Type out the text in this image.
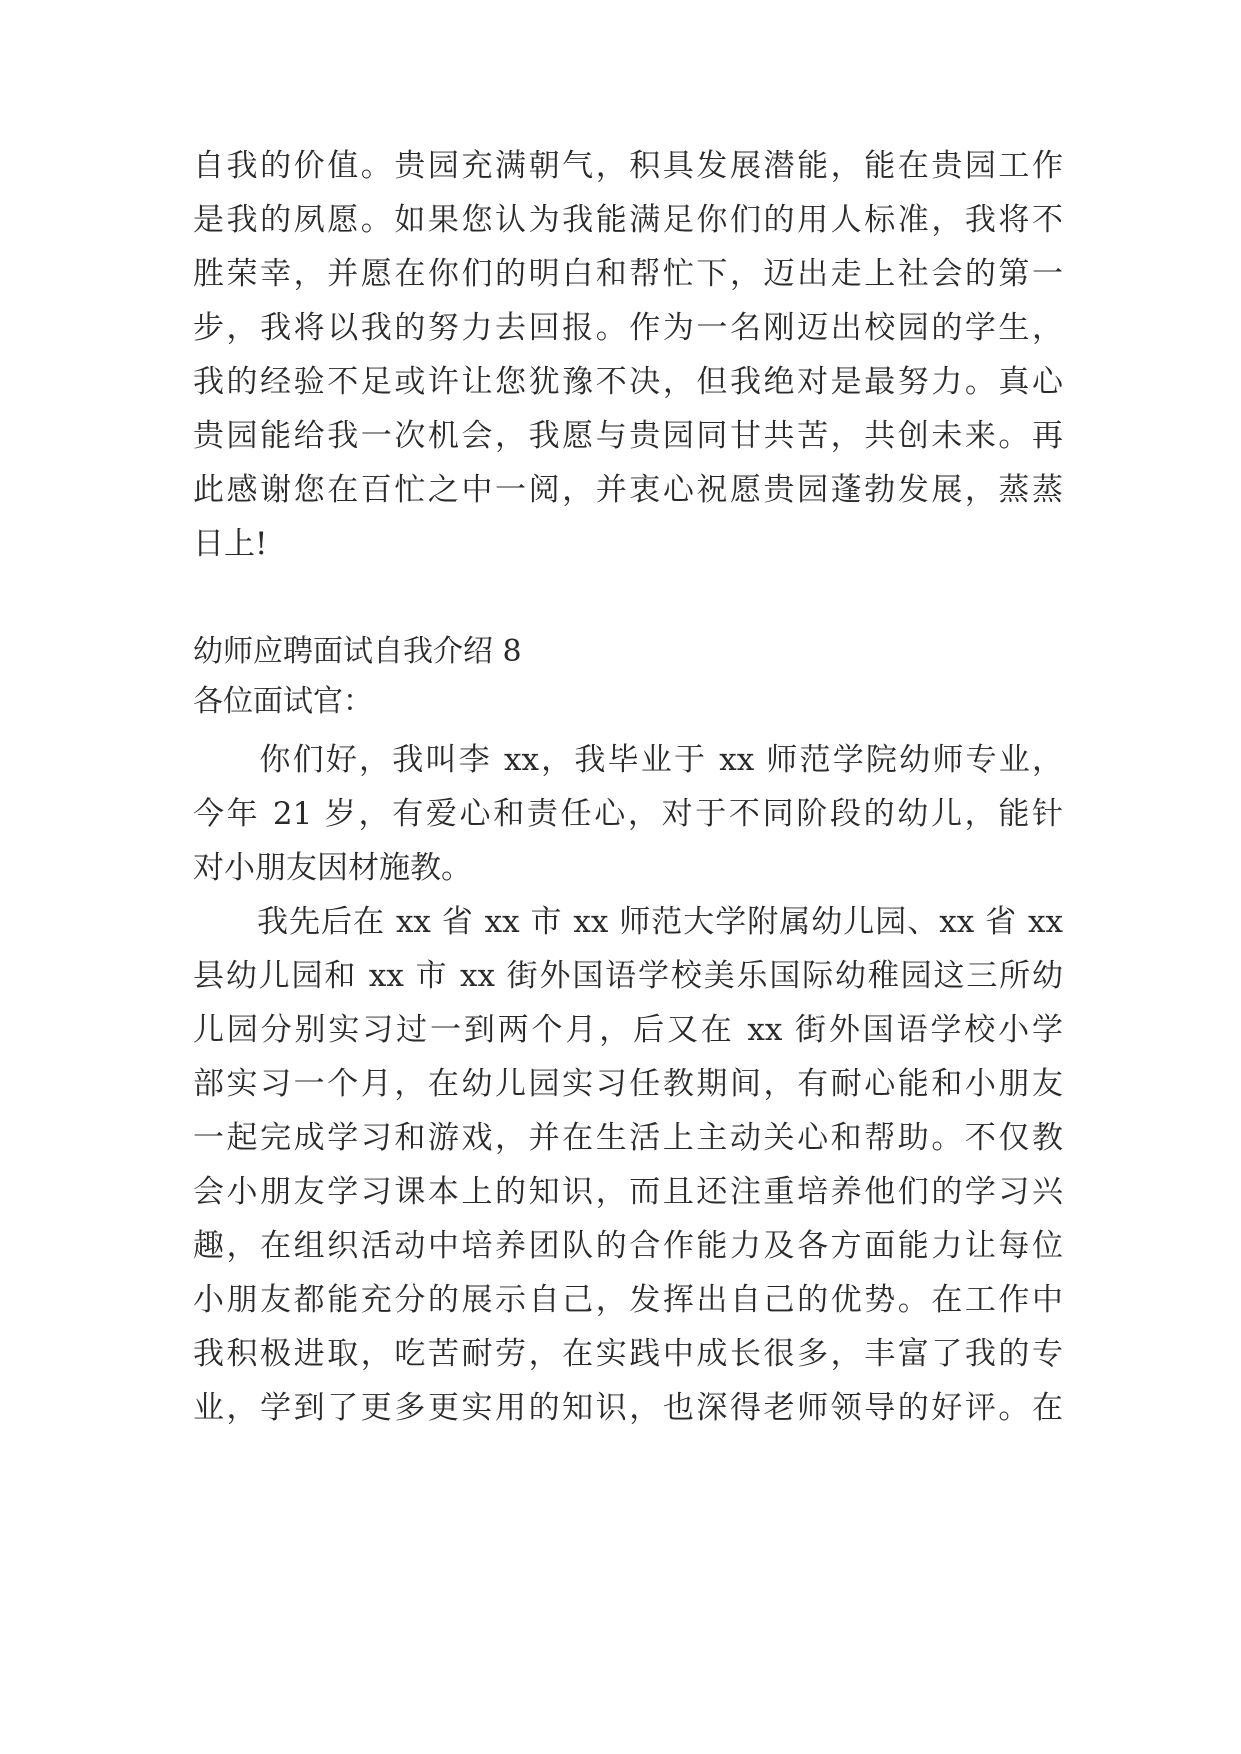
自我的价值。贵园充满朝气，积具发展潜能，能在贵园工作
是我的夙愿。如果您认为我能满足你们的用人标准，我将不
胜荣幸，并愿在你们的明白和帮忙下，迈出走上社会的第一
步，我将以我的努力去回报。作为一名刚迈出校园的学生，
我的经验不足或许让您犹豫不决，但我绝对是最努力。真心
贵园能给我一次机会，我愿与贵园同甘共苦，共创未来。再
此感谢您在百忙之中一阅，并衷心祝愿贵园蓬勃发展，蒸蒸
日上!
幼师应聘面试自我介绍 8
各位面试官：
　　你们好，我叫李 xx，我毕业于 xx 师范学院幼师专业，
今年 21 岁，有爱心和责任心，对于不同阶段的幼儿，能针
对小朋友因材施教。
　　我先后在 xx 省 xx 市 xx 师范大学附属幼儿园、xx 省 xx
县幼儿园和 xx 市 xx 街外国语学校美乐国际幼稚园这三所幼
儿园分别实习过一到两个月，后又在 xx 街外国语学校小学
部实习一个月，在幼儿园实习任教期间，有耐心能和小朋友
一起完成学习和游戏，并在生活上主动关心和帮助。不仅教
会小朋友学习课本上的知识，而且还注重培养他们的学习兴
趣，在组织活动中培养团队的合作能力及各方面能力让每位
小朋友都能充分的展示自己，发挥出自己的优势。在工作中
我积极进取，吃苦耐劳，在实践中成长很多，丰富了我的专
业，学到了更多更实用的知识，也深得老师领导的好评。在
